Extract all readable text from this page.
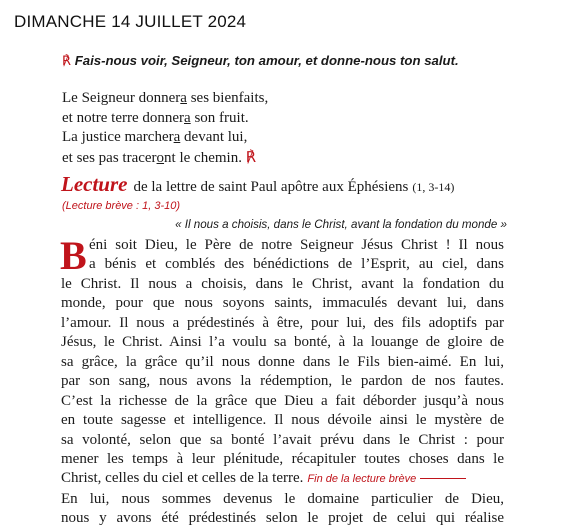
DIMANCHE 14 JUILLET 2024
℟ Fais-nous voir, Seigneur, ton amour, et donne-nous ton salut.
Le Seigneur donnera ses bienfaits,
et notre terre donnera son fruit.
La justice marchera devant lui,
et ses pas traceront le chemin. ℟
Lecture de la lettre de saint Paul apôtre aux Éphésiens (1, 3-14)
(Lecture brève : 1, 3-10)
« Il nous a choisis, dans le Christ, avant la fondation du monde »
B éni soit Dieu, le Père de notre Seigneur Jésus Christ ! Il nous
a bénis et comblés des bénédictions de l’Esprit, au ciel, dans
le Christ. Il nous a choisis, dans le Christ, avant la fondation du
monde, pour que nous soyons saints, immaculés devant lui, dans
l’amour. Il nous a prédestinés à être, pour lui, des fils adoptifs par
Jésus, le Christ. Ainsi l’a voulu sa bonté, à la louange de gloire de
sa grâce, la grâce qu’il nous donne dans le Fils bien-aimé. En lui,
par son sang, nous avons la rédemption, le pardon de nos fautes.
C’est la richesse de la grâce que Dieu a fait déborder jusqu’à nous
en toute sagesse et intelligence. Il nous dévoile ainsi le mystère de
sa volonté, selon que sa bonté l’avait prévu dans le Christ : pour
mener les temps à leur plénitude, récapituler toutes choses dans le
Christ, celles du ciel et celles de la terre. Fin de la lecture brève
En lui, nous sommes devenus le domaine particulier de Dieu,
nous y avons été prédestinés selon le projet de celui qui réalise
